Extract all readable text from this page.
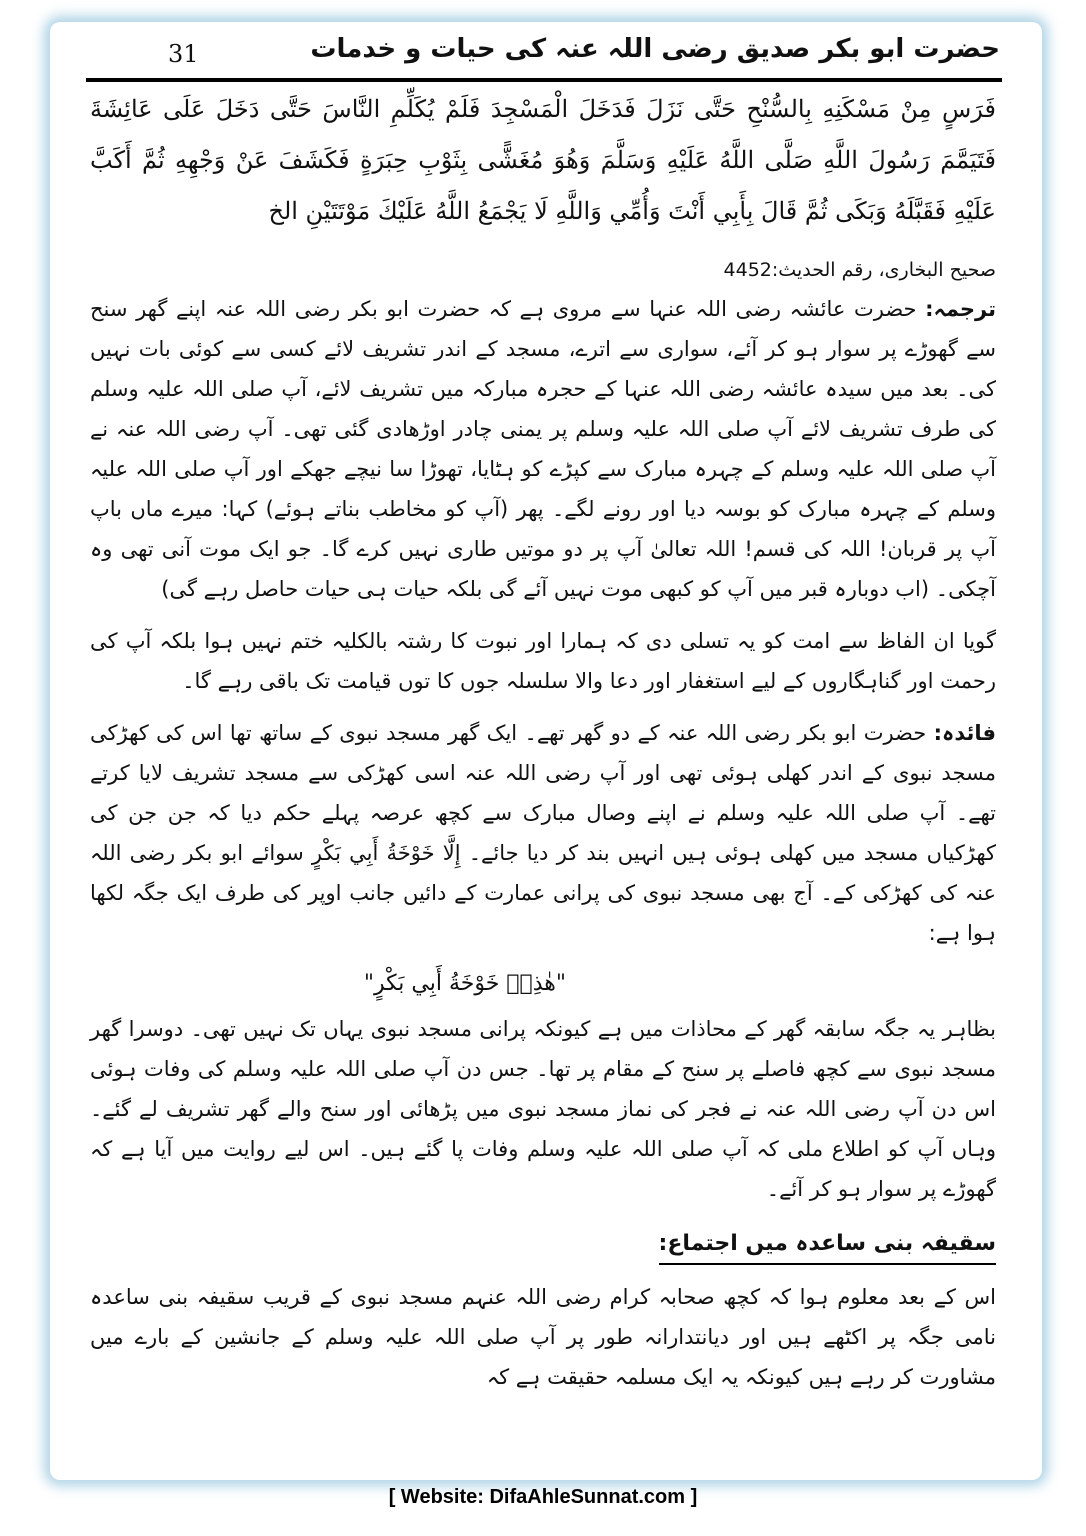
حضرت ابو بکر صدیق رضی اللہ عنہ کی حیات و خدمات
31

فَرَسٍ مِنْ مَسْكَنِهِ بِالسُّنْحِ حَتَّى نَزَلَ فَدَخَلَ الْمَسْجِدَ فَلَمْ يُكَلِّمِ النَّاسَ حَتَّى دَخَلَ عَلَى عَائِشَةَ فَتَيَمَّمَ رَسُولَ اللَّهِ صَلَّى اللَّهُ عَلَيْهِ وَسَلَّمَ وَهُوَ مُغَشًّى بِثَوْبِ حِبَرَةٍ فَكَشَفَ عَنْ وَجْهِهِ ثُمَّ أَكَبَّ عَلَيْهِ فَقَبَّلَهُ وَبَكَى ثُمَّ قَالَ بِأَبِي أَنْتَ وَأُمِّي وَاللَّهِ لَا يَجْمَعُ اللَّهُ عَلَيْكَ مَوْتَتَيْنِ الخ

صحیح البخاری، رقم الحدیث:4452

ترجمہ: حضرت عائشہ رضی اللہ عنہا سے مروی ہے کہ حضرت ابو بکر رضی اللہ عنہ اپنے گھر سنح سے گھوڑے پر سوار ہو کر آئے، سواری سے اترے، مسجد کے اندر تشریف لائے کسی سے کوئی بات نہیں کی۔ بعد میں سیدہ عائشہ رضی اللہ عنہا کے حجرہ مبارکہ میں تشریف لائے، آپ صلی اللہ علیہ وسلم کی طرف تشریف لائے آپ صلی اللہ علیہ وسلم پر یمنی چادر اوڑھادی گئی تھی۔ آپ رضی اللہ عنہ نے آپ صلی اللہ علیہ وسلم کے چہرہ مبارک سے کپڑے کو ہٹایا، تھوڑا سا نیچے جھکے اور آپ صلی اللہ علیہ وسلم کے چہرہ مبارک کو بوسہ دیا اور رونے لگے۔ پھر (آپ کو مخاطب بناتے ہوئے) کہا: میرے ماں باپ آپ پر قربان! اللہ کی قسم! اللہ تعالیٰ آپ پر دو موتیں طاری نہیں کرے گا۔ جو ایک موت آنی تھی وہ آچکی۔ (اب دوبارہ قبر میں آپ کو کبھی موت نہیں آئے گی بلکہ حیات ہی حیات حاصل رہے گی)

گویا ان الفاظ سے امت کو یہ تسلی دی کہ ہمارا اور نبوت کا رشتہ بالکلیہ ختم نہیں ہوا بلکہ آپ کی رحمت اور گناہگاروں کے لیے استغفار اور دعا والا سلسلہ جوں کا توں قیامت تک باقی رہے گا۔

فائدہ: حضرت ابو بکر رضی اللہ عنہ کے دو گھر تھے۔ ایک گھر مسجد نبوی کے ساتھ تھا اس کی کھڑکی مسجد نبوی کے اندر کھلی ہوئی تھی اور آپ رضی اللہ عنہ اسی کھڑکی سے مسجد تشریف لایا کرتے تھے۔ آپ صلی اللہ علیہ وسلم نے اپنے وصال مبارک سے کچھ عرصہ پہلے حکم دیا کہ جن جن کی کھڑکیاں مسجد میں کھلی ہوئی ہیں انہیں بند کر دیا جائے۔ إِلَّا خَوْخَةُ أَبِي بَكْرٍ سوائے ابو بکر رضی اللہ عنہ کی کھڑکی کے۔ آج بھی مسجد نبوی کی پرانی عمارت کے دائیں جانب اوپر کی طرف ایک جگہ لکھا ہوا ہے:

"هٰذِهٖ خَوْخَةُ أَبِي بَكْرٍ"

بظاہر یہ جگہ سابقہ گھر کے محاذات میں ہے کیونکہ پرانی مسجد نبوی یہاں تک نہیں تھی۔ دوسرا گھر مسجد نبوی سے کچھ فاصلے پر سنح کے مقام پر تھا۔ جس دن آپ صلی اللہ علیہ وسلم کی وفات ہوئی اس دن آپ رضی اللہ عنہ نے فجر کی نماز مسجد نبوی میں پڑھائی اور سنح والے گھر تشریف لے گئے۔ وہاں آپ کو اطلاع ملی کہ آپ صلی اللہ علیہ وسلم وفات پا گئے ہیں۔ اس لیے روایت میں آیا ہے کہ گھوڑے پر سوار ہو کر آئے۔

سقیفہ بنی ساعدہ میں اجتماع:

اس کے بعد معلوم ہوا کہ کچھ صحابہ کرام رضی اللہ عنہم مسجد نبوی کے قریب سقیفہ بنی ساعدہ نامی جگہ پر اکٹھے ہیں اور دیانتدارانہ طور پر آپ صلی اللہ علیہ وسلم کے جانشین کے بارے میں مشاورت کر رہے ہیں کیونکہ یہ ایک مسلمہ حقیقت ہے کہ

[ Website: DifaAhleSunnat.com ]
